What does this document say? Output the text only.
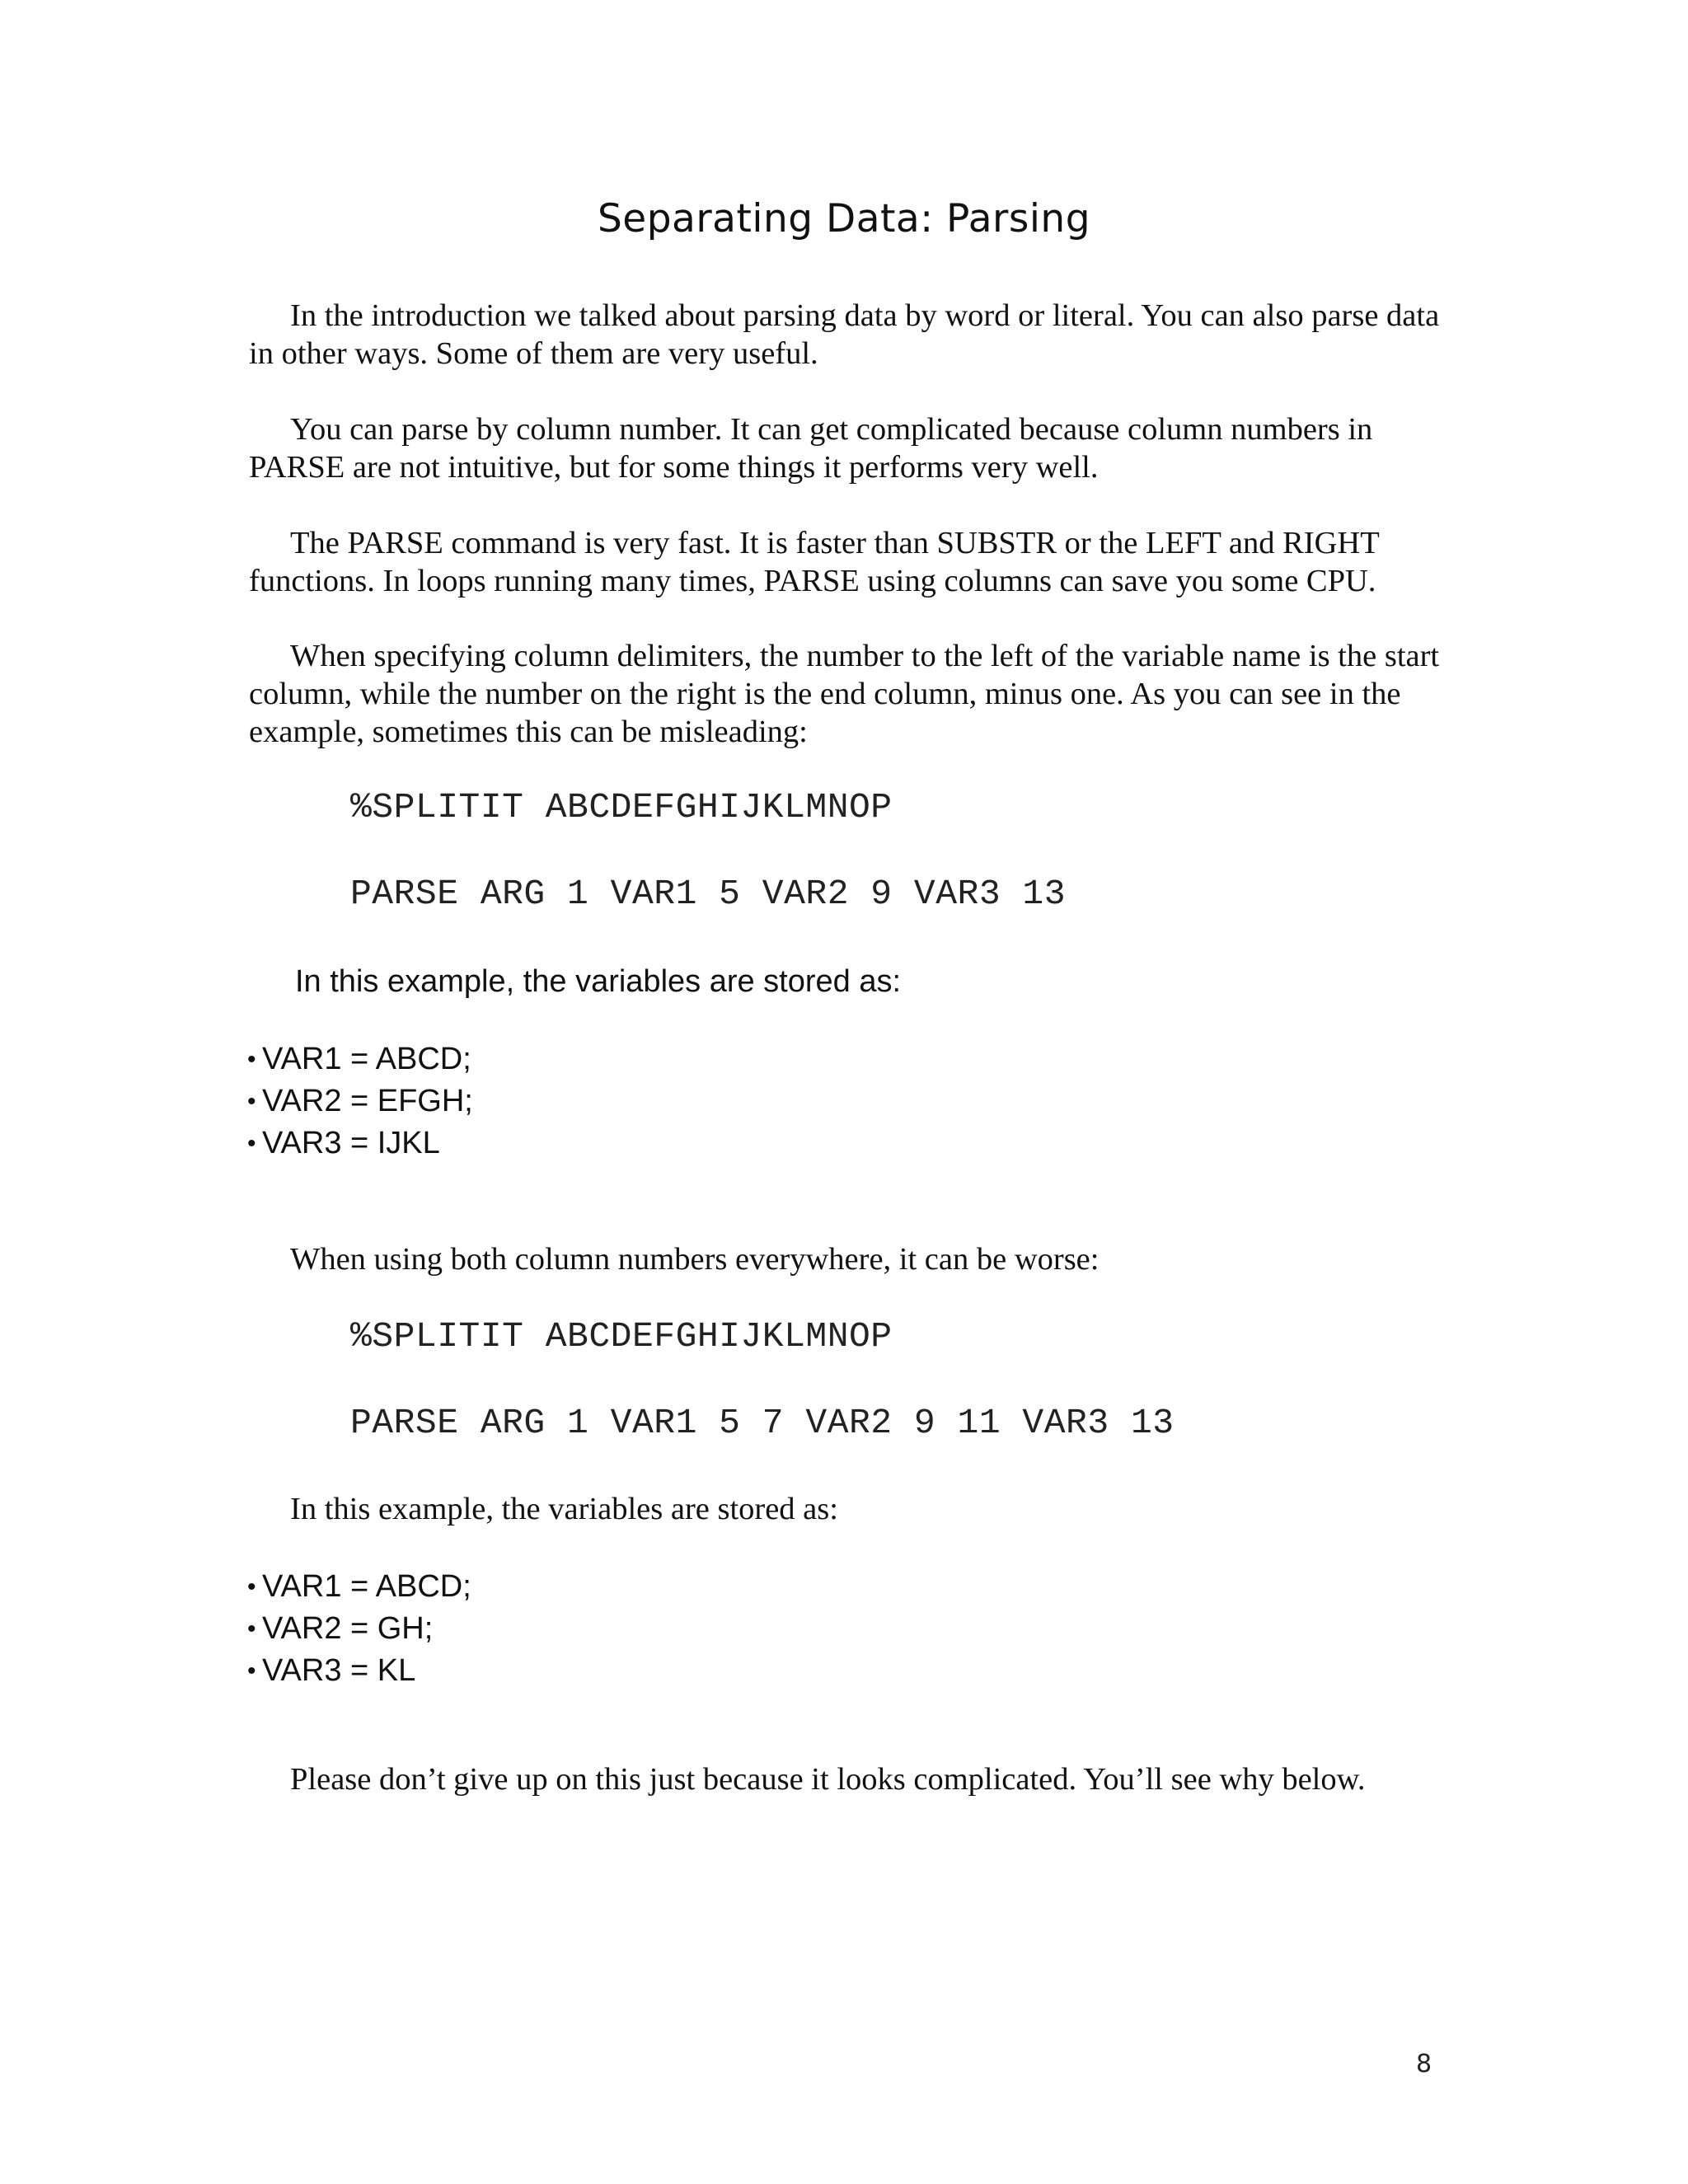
Separating Data: Parsing

In the introduction we talked about parsing data by word or literal. You can also parse data in other ways. Some of them are very useful.

You can parse by column number. It can get complicated because column numbers in PARSE are not intuitive, but for some things it performs very well.

The PARSE command is very fast. It is faster than SUBSTR or the LEFT and RIGHT functions. In loops running many times, PARSE using columns can save you some CPU.

When specifying column delimiters, the number to the left of the variable name is the start column, while the number on the right is the end column, minus one. As you can see in the example, sometimes this can be misleading:

%SPLITIT ABCDEFGHIJKLMNOP
PARSE ARG 1 VAR1 5 VAR2 9 VAR3 13

In this example, the variables are stored as:

• VAR1 = ABCD;
• VAR2 = EFGH;
• VAR3 = IJKL

When using both column numbers everywhere, it can be worse:

%SPLITIT ABCDEFGHIJKLMNOP
PARSE ARG 1 VAR1 5 7 VAR2 9 11 VAR3 13

In this example, the variables are stored as:

• VAR1 = ABCD;
• VAR2 = GH;
• VAR3 = KL

Please don’t give up on this just because it looks complicated. You’ll see why below.

8
